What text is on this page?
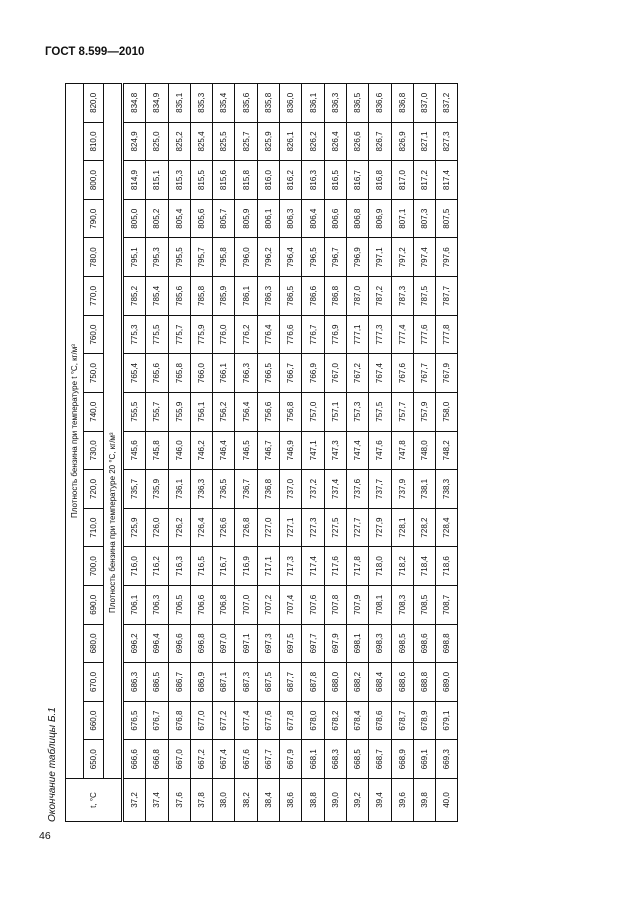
ГОСТ 8.599—2010
Окончание таблицы Б.1
46
t, °C	Плотность бензина при температуре t °C, кг/м³																	
	650,0	660,0	670,0	680,0	690,0	700,0	710,0	720,0	730,0	740,0	750,0	760,0	770,0	780,0	790,0	800,0	810,0	820,0
	Плотность бензина при температуре 20 °C, кг/м³																	
37,2	666,6	676,5	686,3	696,2	706,1	716,0	725,9	735,7	745,6	755,5	765,4	775,3	785,2	795,1	805,0	814,9	824,9	834,8
37,4	666,8	676,7	686,5	696,4	706,3	716,2	726,0	735,9	745,8	755,7	765,6	775,5	785,4	795,3	805,2	815,1	825,0	834,9
37,6	667,0	676,8	686,7	696,6	706,5	716,3	726,2	736,1	746,0	755,9	765,8	775,7	785,6	795,5	805,4	815,3	825,2	835,1
37,8	667,2	677,0	686,9	696,8	706,6	716,5	726,4	736,3	746,2	756,1	766,0	775,9	785,8	795,7	805,6	815,5	825,4	835,3
38,0	667,4	677,2	687,1	697,0	706,8	716,7	726,6	736,5	746,4	756,2	766,1	776,0	785,9	795,8	805,7	815,6	825,5	835,4
38,2	667,6	677,4	687,3	697,1	707,0	716,9	726,8	736,7	746,5	756,4	766,3	776,2	786,1	796,0	805,9	815,8	825,7	835,6
38,4	667,7	677,6	687,5	697,3	707,2	717,1	727,0	736,8	746,7	756,6	766,5	776,4	786,3	796,2	806,1	816,0	825,9	835,8
38,6	667,9	677,8	687,7	697,5	707,4	717,3	727,1	737,0	746,9	756,8	766,7	776,6	786,5	796,4	806,3	816,2	826,1	836,0
38,8	668,1	678,0	687,8	697,7	707,6	717,4	727,3	737,2	747,1	757,0	766,9	776,7	786,6	796,5	806,4	816,3	826,2	836,1
39,0	668,3	678,2	688,0	697,9	707,8	717,6	727,5	737,4	747,3	757,1	767,0	776,9	786,8	796,7	806,6	816,5	826,4	836,3
39,2	668,5	678,4	688,2	698,1	707,9	717,8	727,7	737,6	747,4	757,3	767,2	777,1	787,0	796,9	806,8	816,7	826,6	836,5
39,4	668,7	678,6	688,4	698,3	708,1	718,0	727,9	737,7	747,6	757,5	767,4	777,3	787,2	797,1	806,9	816,8	826,7	836,6
39,6	668,9	678,7	688,6	698,5	708,3	718,2	728,1	737,9	747,8	757,7	767,6	777,4	787,3	797,2	807,1	817,0	826,9	836,8
39,8	669,1	678,9	688,8	698,6	708,5	718,4	728,2	738,1	748,0	757,9	767,7	777,6	787,5	797,4	807,3	817,2	827,1	837,0
40,0	669,3	679,1	689,0	698,8	708,7	718,6	728,4	738,3	748,2	758,0	767,9	777,8	787,7	797,6	807,5	817,4	827,3	837,2
